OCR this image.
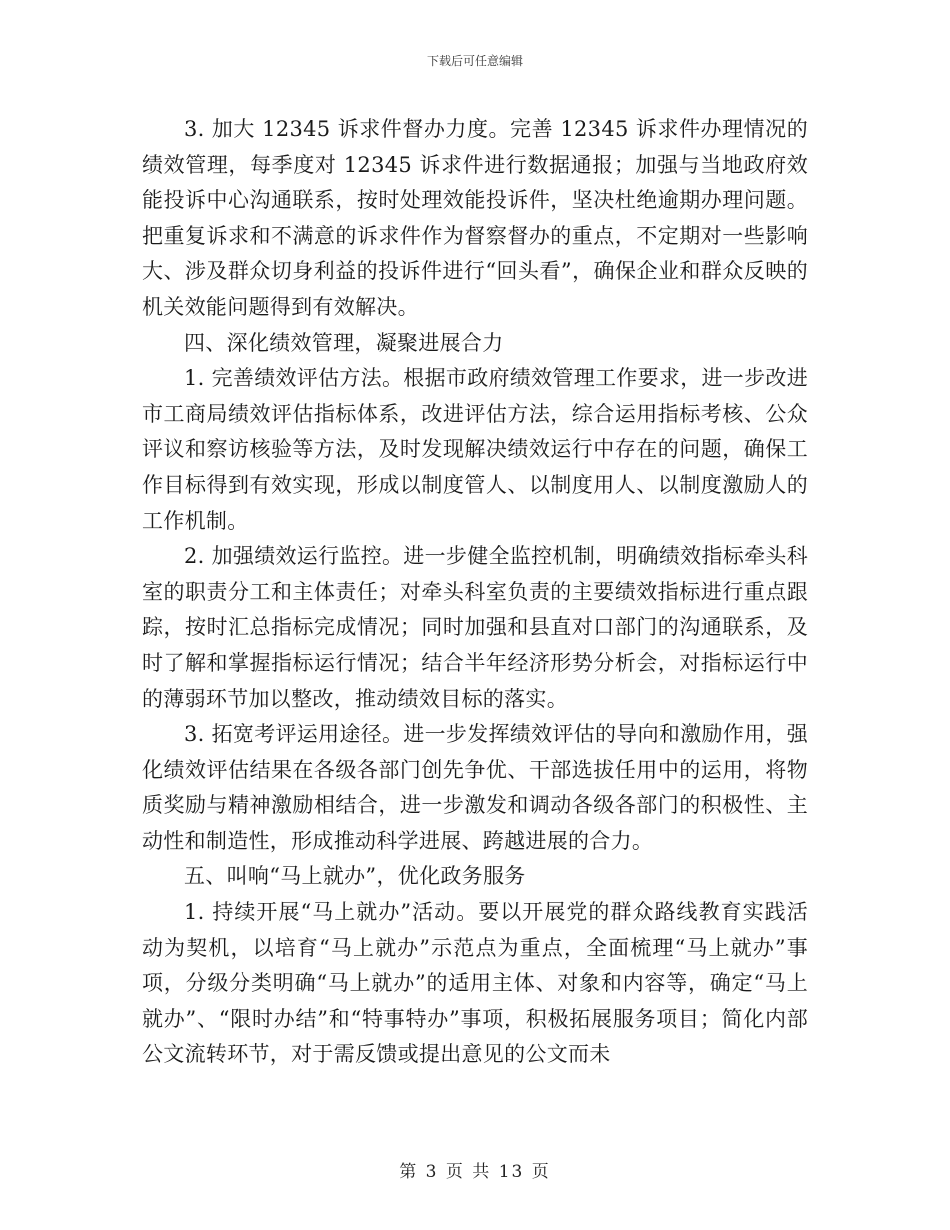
下载后可任意编辑

3. 加大 12345 诉求件督办力度。完善 12345 诉求件办理情况的绩效管理，每季度对 12345 诉求件进行数据通报；加强与当地政府效能投诉中心沟通联系，按时处理效能投诉件，坚决杜绝逾期办理问题。把重复诉求和不满意的诉求件作为督察督办的重点，不定期对一些影响大、涉及群众切身利益的投诉件进行“回头看”，确保企业和群众反映的机关效能问题得到有效解决。

四、深化绩效管理，凝聚进展合力

1. 完善绩效评估方法。根据市政府绩效管理工作要求，进一步改进市工商局绩效评估指标体系，改进评估方法，综合运用指标考核、公众评议和察访核验等方法，及时发现解决绩效运行中存在的问题，确保工作目标得到有效实现，形成以制度管人、以制度用人、以制度激励人的工作机制。

2. 加强绩效运行监控。进一步健全监控机制，明确绩效指标牵头科室的职责分工和主体责任；对牵头科室负责的主要绩效指标进行重点跟踪，按时汇总指标完成情况；同时加强和县直对口部门的沟通联系，及时了解和掌握指标运行情况；结合半年经济形势分析会，对指标运行中的薄弱环节加以整改，推动绩效目标的落实。

3. 拓宽考评运用途径。进一步发挥绩效评估的导向和激励作用，强化绩效评估结果在各级各部门创先争优、干部选拔任用中的运用，将物质奖励与精神激励相结合，进一步激发和调动各级各部门的积极性、主动性和制造性，形成推动科学进展、跨越进展的合力。

五、叫响“马上就办”，优化政务服务

1. 持续开展“马上就办”活动。要以开展党的群众路线教育实践活动为契机，以培育“马上就办”示范点为重点，全面梳理“马上就办”事项，分级分类明确“马上就办”的适用主体、对象和内容等，确定“马上就办”、“限时办结”和“特事特办”事项，积极拓展服务项目；简化内部公文流转环节，对于需反馈或提出意见的公文而未

第 3 页 共 13 页
